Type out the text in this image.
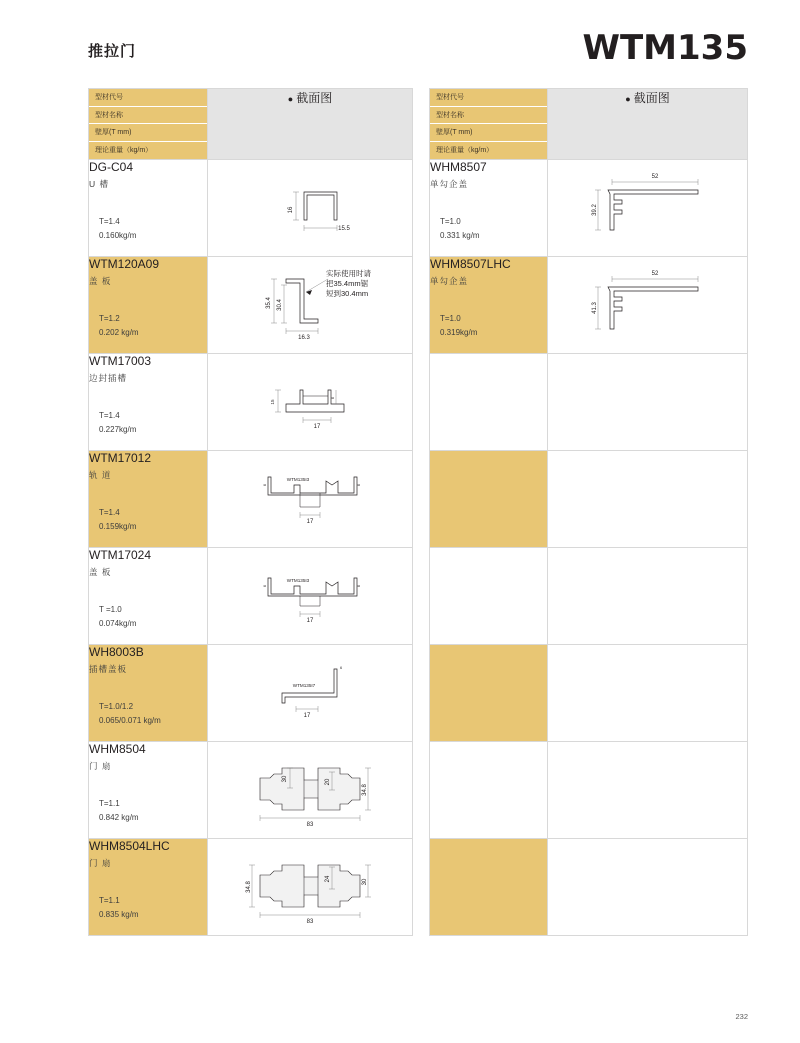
推拉门	WTM135
型材代号
型材名称
壁厚(T mm)
理论重量（kg/m）	● 截面图

DG-C04
U 槽
T=1.4
0.160kg/m

16
15.5

WTM120A09
盖 板
T=1.2
0.202 kg/m

35.4 30.4
16.3
实际使用时请
把35.4mm锯
短到30.4mm

WTM17003
边封插槽
T=1.4
0.227kg/m

15
6
17

WTM17012
轨 道
T=1.4
0.159kg/m	17
6	6
WTM135I3

WTM17024
盖 板
T =1.0
0.074kg/m	17
6	6
WTM135I3

WH8003B
插槽盖板
T=1.0/1.2
0.065/0.071 kg/m	17
6
WTM135I7

WHM8504
门 扇
T=1.1
0.842 kg/m

30	20
34.8
83

WHM8504LHC
门 扇
T=1.1
0.835 kg/m

34.8
24	30
83
型材代号
型材名称
壁厚(T mm)
理论重量（kg/m）	● 截面图

WHM8507
单勾企盖
T=1.0
0.331 kg/m

52
39.2

WHM8507LHC
单勾企盖
T=1.0
0.319kg/m

52
41.3

232
